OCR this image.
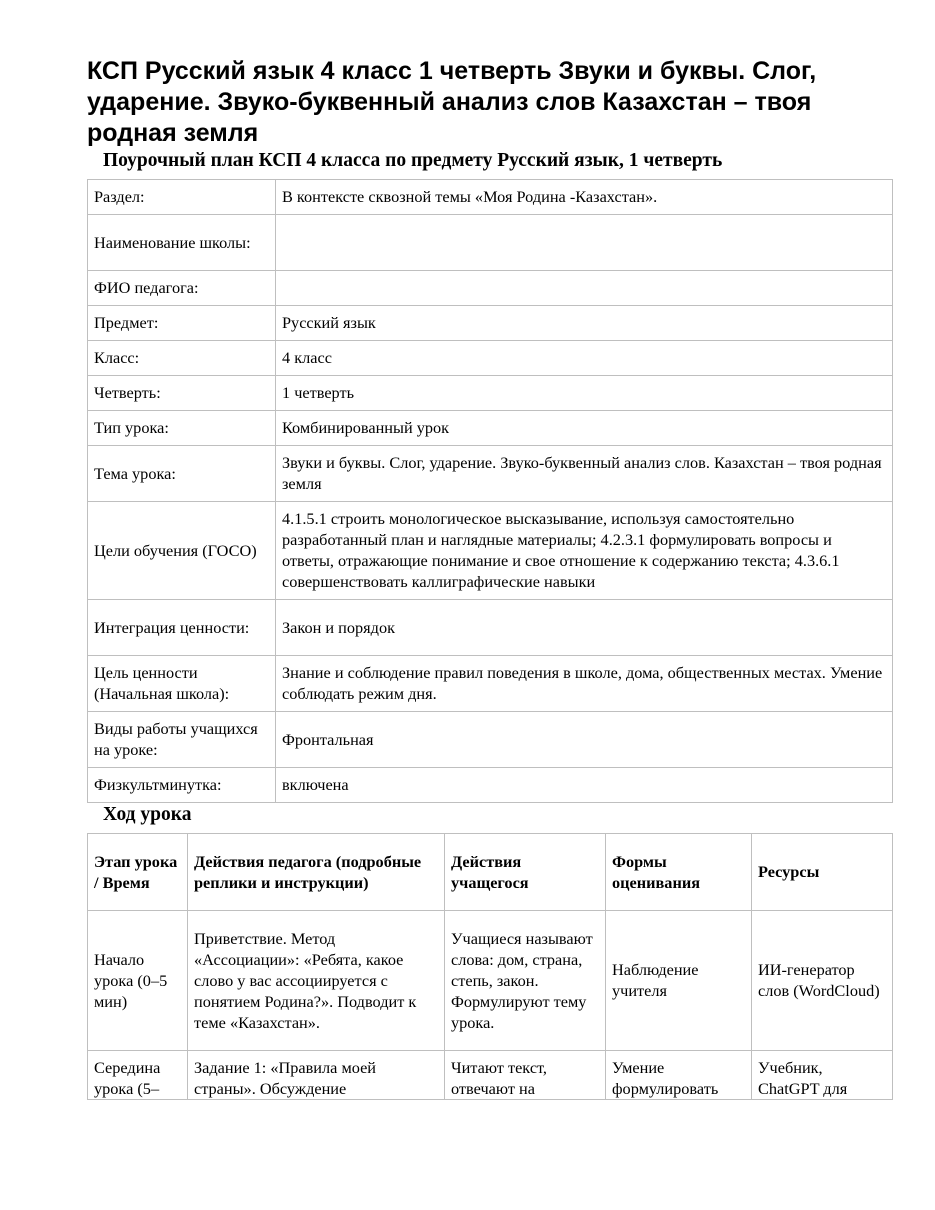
КСП Русский язык 4 класс 1 четверть Звуки и буквы. Слог, ударение. Звуко-буквенный анализ слов Казахстан – твоя родная земля
Поурочный план КСП 4 класса по предмету Русский язык, 1 четверть
Раздел:	В контексте сквозной темы «Моя Родина -Казахстан».
Наименование школы:	
ФИО педагога:	
Предмет:	Русский язык
Класс:	4 класс
Четверть:	1 четверть
Тип урока:	Комбинированный урок
Тема урока:	Звуки и буквы. Слог, ударение. Звуко-буквенный анализ слов. Казахстан – твоя родная земля
Цели обучения (ГОСО)	4.1.5.1 строить монологическое высказывание, используя самостоятельно разработанный план и наглядные материалы; 4.2.3.1 формулировать вопросы и ответы, отражающие понимание и свое отношение к содержанию текста; 4.3.6.1 совершенствовать каллиграфические навыки
Интеграция ценности:	Закон и порядок
Цель ценности (Начальная школа):	Знание и соблюдение правил поведения в школе, дома, общественных местах. Умение соблюдать режим дня.
Виды работы учащихся на уроке:	Фронтальная
Физкультминутка:	включена
Ход урока
Этап урока / Время	Действия педагога (подробные реплики и инструкции)	Действия учащегося	Формы оценивания	Ресурсы
Начало урока (0–5 мин)	Приветствие. Метод «Ассоциации»: «Ребята, какое слово у вас ассоциируется с понятием Родина?». Подводит к теме «Казахстан».	Учащиеся называют слова: дом, страна, степь, закон. Формулируют тему урока.	Наблюдение учителя	ИИ-генератор слов (WordCloud)

Середина урока (5–	Задание 1: «Правила моей страны». Обсуждение	Читают текст, отвечают на	Умение формулировать	Учебник, ChatGPT для
